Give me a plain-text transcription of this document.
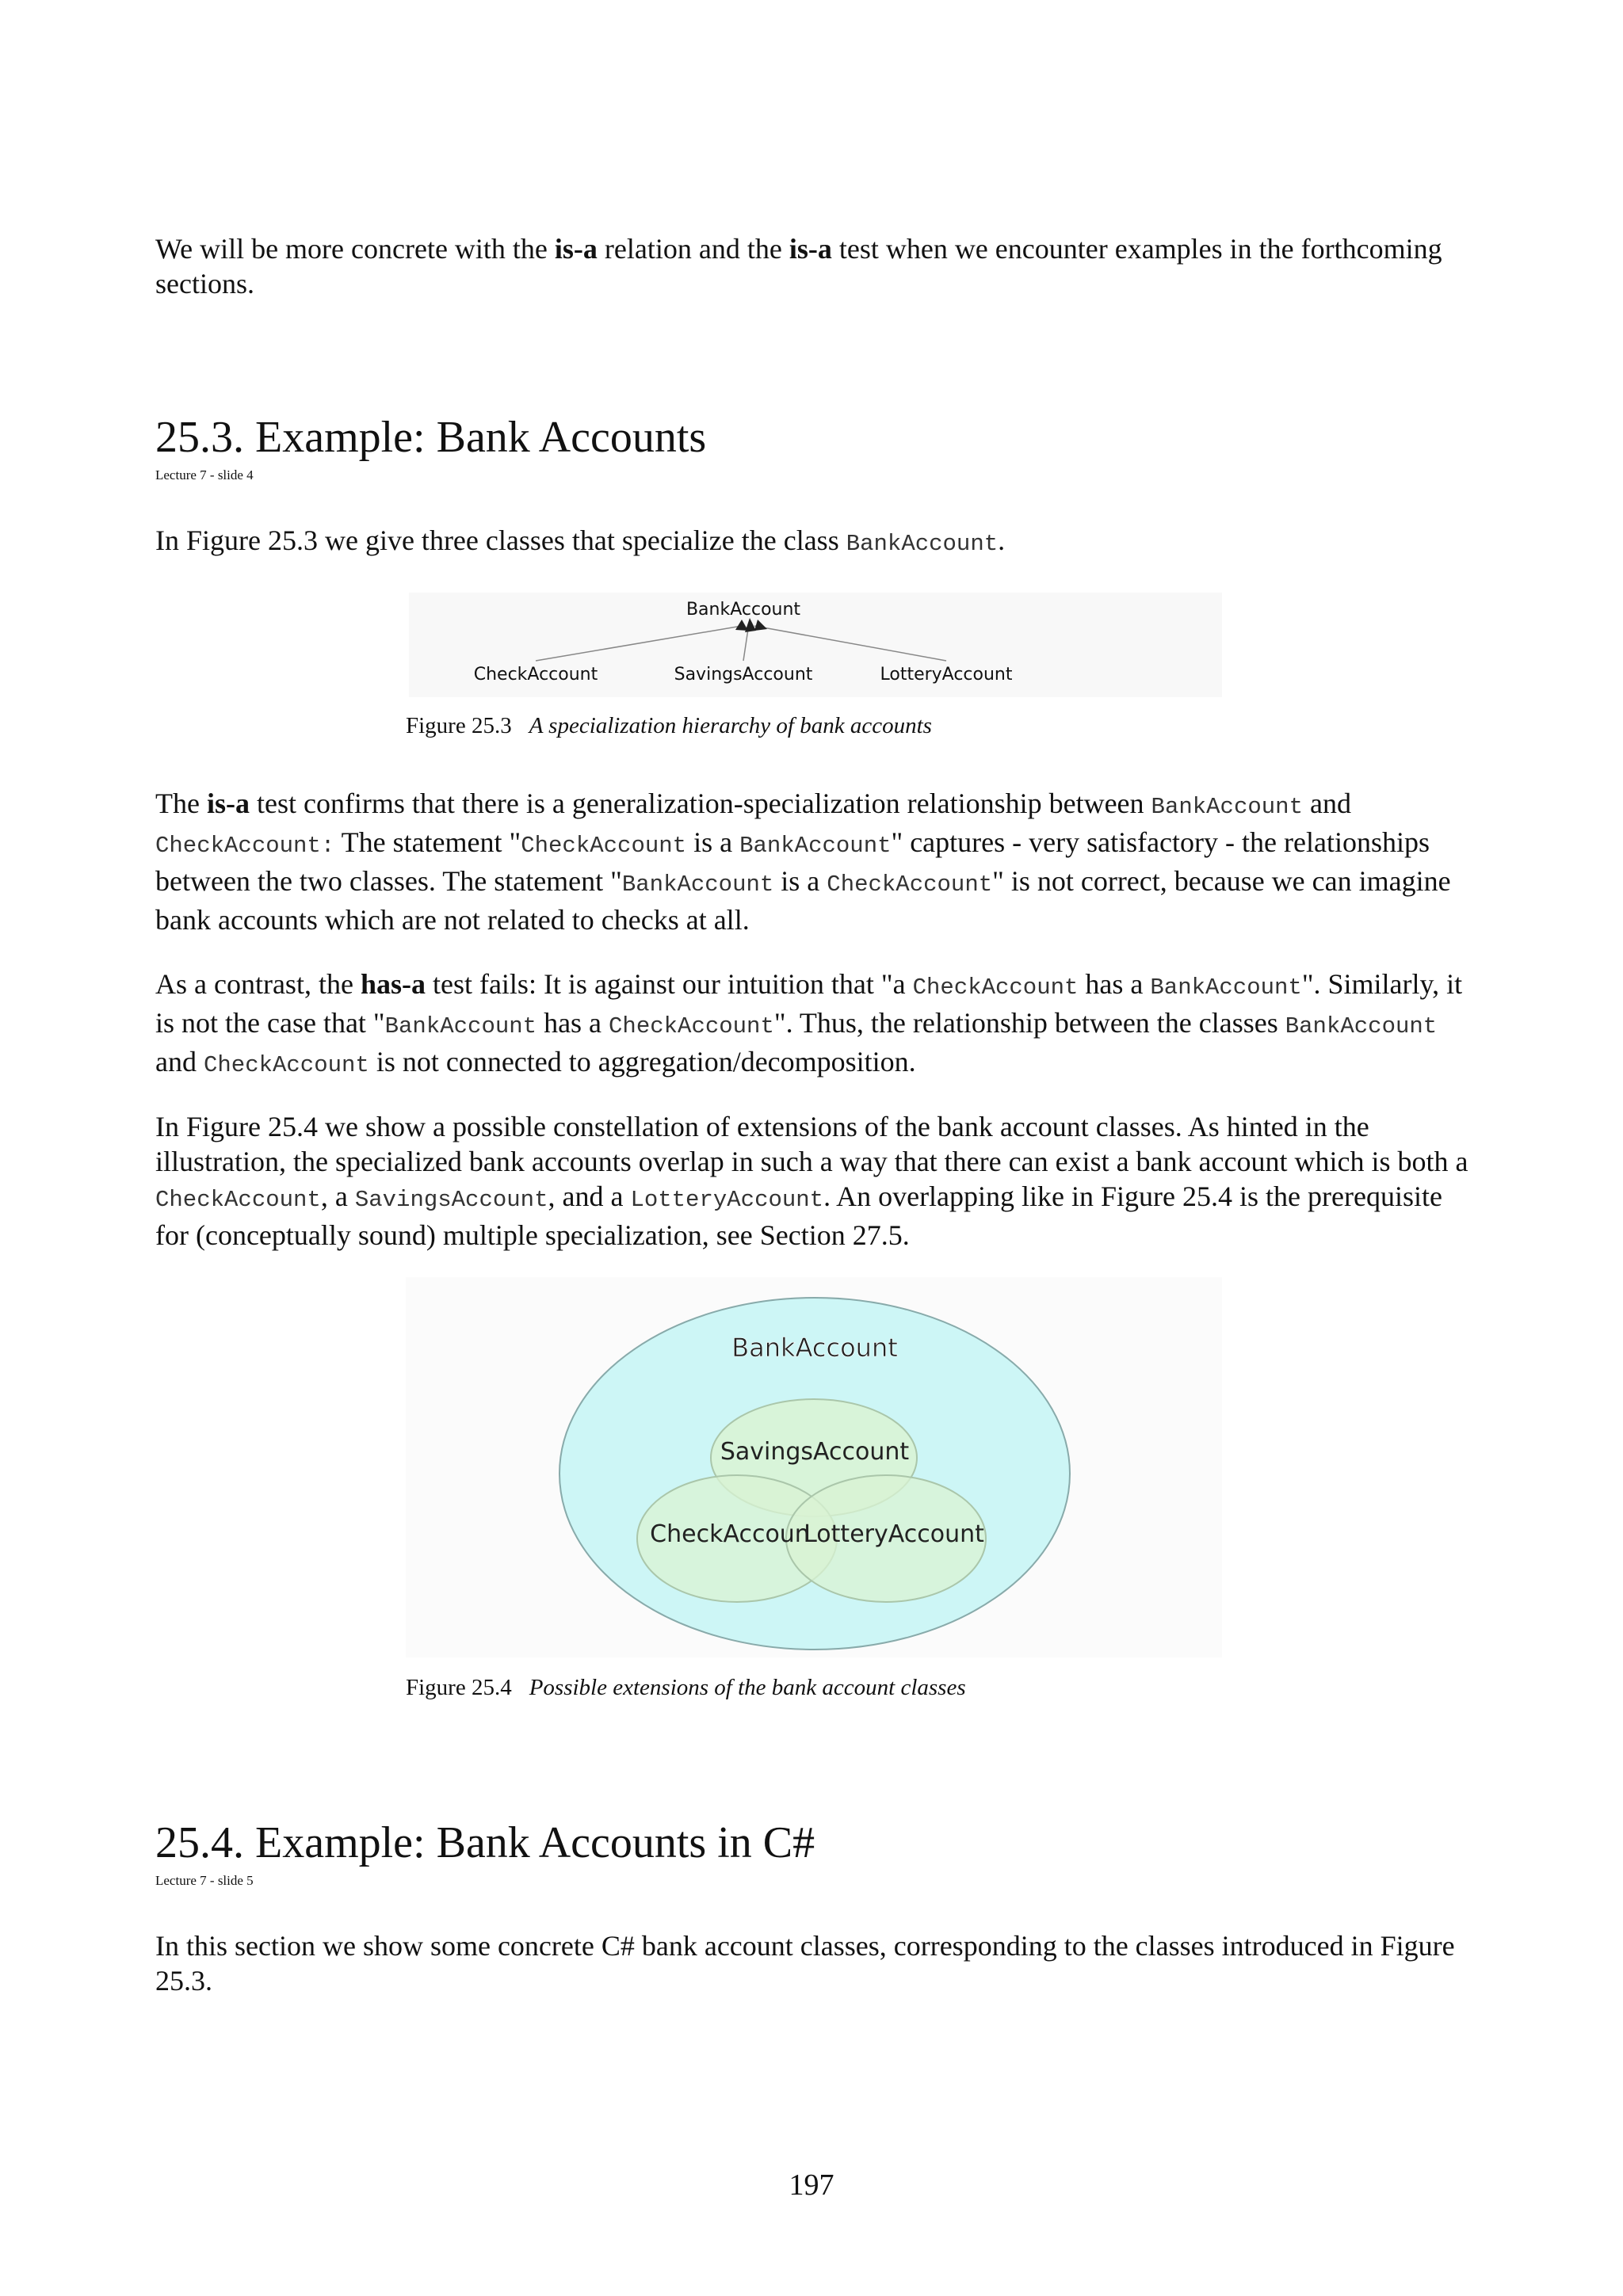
We will be more concrete with the is-a relation and the is-a test when we encounter examples in the forthcoming sections.

25.3. Example: Bank Accounts
Lecture 7 - slide 4

In Figure 25.3 we give three classes that specialize the class BankAccount.

BankAccount
CheckAccount	SavingsAccount	LotteryAccount
Figure 25.3 A specialization hierarchy of bank accounts

The is-a test confirms that there is a generalization-specialization relationship between BankAccount and CheckAccount: The statement "CheckAccount is a BankAccount" captures - very satisfactory - the relationships between the two classes. The statement "BankAccount is a CheckAccount" is not correct, because we can imagine bank accounts which are not related to checks at all.

As a contrast, the has-a test fails: It is against our intuition that "a CheckAccount has a BankAccount". Similarly, it is not the case that "BankAccount has a CheckAccount". Thus, the relationship between the classes BankAccount and CheckAccount is not connected to aggregation/decomposition.

In Figure 25.4 we show a possible constellation of extensions of the bank account classes. As hinted in the illustration, the specialized bank accounts overlap in such a way that there can exist a bank account which is both a CheckAccount, a SavingsAccount, and a LotteryAccount. An overlapping like in Figure 25.4 is the prerequisite for (conceptually sound) multiple specialization, see Section 27.5.

BankAccount
SavingsAccount
CheckAccoun
LotteryAccount
Figure 25.4 Possible extensions of the bank account classes
25.4. Example: Bank Accounts in C#
Lecture 7 - slide 5

In this section we show some concrete C# bank account classes, corresponding to the classes introduced in Figure 25.3.

197
